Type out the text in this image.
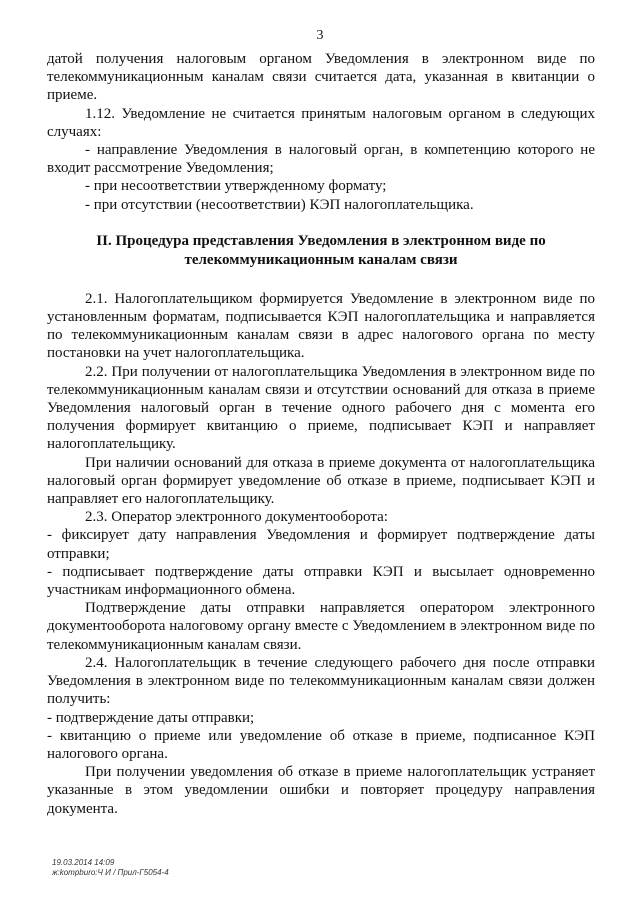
3

датой получения налоговым органом Уведомления в электронном виде по телекоммуникационным каналам связи считается дата, указанная в квитанции о приеме.

1.12. Уведомление не считается принятым налоговым органом в следующих случаях:

- направление Уведомления в налоговый орган, в компетенцию которого не входит рассмотрение Уведомления;

- при несоответствии утвержденному формату;

- при отсутствии (несоответствии) КЭП налогоплательщика.

II. Процедура представления Уведомления в электронном виде по
телекоммуникационным каналам связи

2.1. Налогоплательщиком формируется Уведомление в электронном виде по установленным форматам, подписывается КЭП налогоплательщика и направляется по телекоммуникационным каналам связи в адрес налогового органа по месту постановки на учет налогоплательщика.

2.2. При получении от налогоплательщика Уведомления в электронном виде по телекоммуникационным каналам связи и отсутствии оснований для отказа в приеме Уведомления налоговый орган в течение одного рабочего дня с момента его получения формирует квитанцию о приеме, подписывает КЭП и направляет налогоплательщику.

При наличии оснований для отказа в приеме документа от налогоплательщика налоговый орган формирует уведомление об отказе в приеме, подписывает КЭП и направляет его налогоплательщику.

2.3. Оператор электронного документооборота:

- фиксирует дату направления Уведомления и формирует подтверждение даты отправки;

- подписывает подтверждение даты отправки КЭП и высылает одновременно участникам информационного обмена.

Подтверждение даты отправки направляется оператором электронного документооборота налоговому органу вместе с Уведомлением в электронном виде по телекоммуникационным каналам связи.

2.4. Налогоплательщик в течение следующего рабочего дня после отправки Уведомления в электронном виде по телекоммуникационным каналам связи должен получить:

- подтверждение даты отправки;

- квитанцию о приеме или уведомление об отказе в приеме, подписанное КЭП налогового органа.

При получении уведомления об отказе в приеме налогоплательщик устраняет указанные в этом уведомлении ошибки и повторяет процедуру направления документа.

19.03.2014 14:09
ж:kompburo:Ч И / Прил-Г5054-4
